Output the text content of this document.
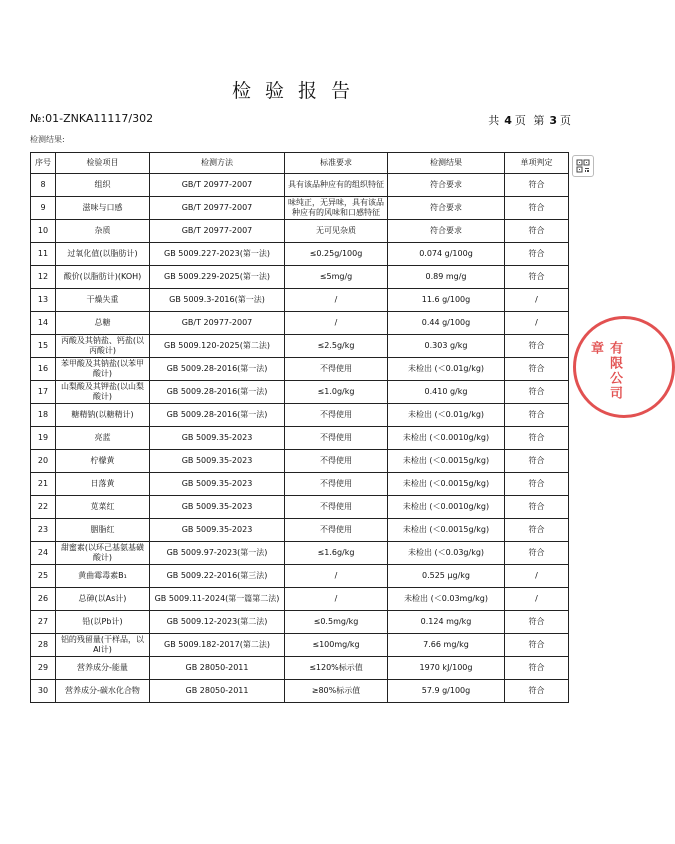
检验报告
№:01-ZNKA11117/302	共 4 页 第 3 页
检测结果:
序号	检验项目	检测方法	标准要求	检测结果	单项判定
8	组织	GB/T 20977-2007	具有该品种应有的组织特征	符合要求	符合
9	滋味与口感	GB/T 20977-2007	味纯正，无异味，具有该品种应有的风味和口感特征	符合要求	符合
10	杂质	GB/T 20977-2007	无可见杂质	符合要求	符合
11	过氧化值(以脂肪计)	GB 5009.227-2023(第一法)	≤0.25g/100g	0.074 g/100g	符合
12	酸价(以脂肪计)(KOH)	GB 5009.229-2025(第一法)	≤5mg/g	0.89 mg/g	符合
13	干燥失重	GB 5009.3-2016(第一法)	/	11.6 g/100g	/
14	总糖	GB/T 20977-2007	/	0.44 g/100g	/
15	丙酸及其钠盐、钙盐(以丙酸计)	GB 5009.120-2025(第二法)	≤2.5g/kg	0.303 g/kg	符合
16	苯甲酸及其钠盐(以苯甲酸计)	GB 5009.28-2016(第一法)	不得使用	未检出 (＜0.01g/kg)	符合
17	山梨酸及其钾盐(以山梨酸计)	GB 5009.28-2016(第一法)	≤1.0g/kg	0.410 g/kg	符合
18	糖精钠(以糖精计)	GB 5009.28-2016(第一法)	不得使用	未检出 (＜0.01g/kg)	符合
19	亮蓝	GB 5009.35-2023	不得使用	未检出 (＜0.0010g/kg)	符合
20	柠檬黄	GB 5009.35-2023	不得使用	未检出 (＜0.0015g/kg)	符合
21	日落黄	GB 5009.35-2023	不得使用	未检出 (＜0.0015g/kg)	符合
22	苋菜红	GB 5009.35-2023	不得使用	未检出 (＜0.0010g/kg)	符合
23	胭脂红	GB 5009.35-2023	不得使用	未检出 (＜0.0015g/kg)	符合
24	甜蜜素(以环己基氨基磺酸计)	GB 5009.97-2023(第一法)	≤1.6g/kg	未检出 (＜0.03g/kg)	符合
25	黄曲霉毒素B₁	GB 5009.22-2016(第三法)	/	0.525 μg/kg	/
26	总砷(以As计)	GB 5009.11-2024(第一篇第二法)	/	未检出 (＜0.03mg/kg)	/
27	铅(以Pb计)	GB 5009.12-2023(第二法)	≤0.5mg/kg	0.124 mg/kg	符合
28	铝的残留量(干样品，以Al计)	GB 5009.182-2017(第二法)	≤100mg/kg	7.66 mg/kg	符合
29	营养成分-能量	GB 28050-2011	≤120%标示值	1970 kJ/100g	符合
30	营养成分-碳水化合物	GB 28050-2011	≥80%标示值	57.9 g/100g	符合
有限公司 章
